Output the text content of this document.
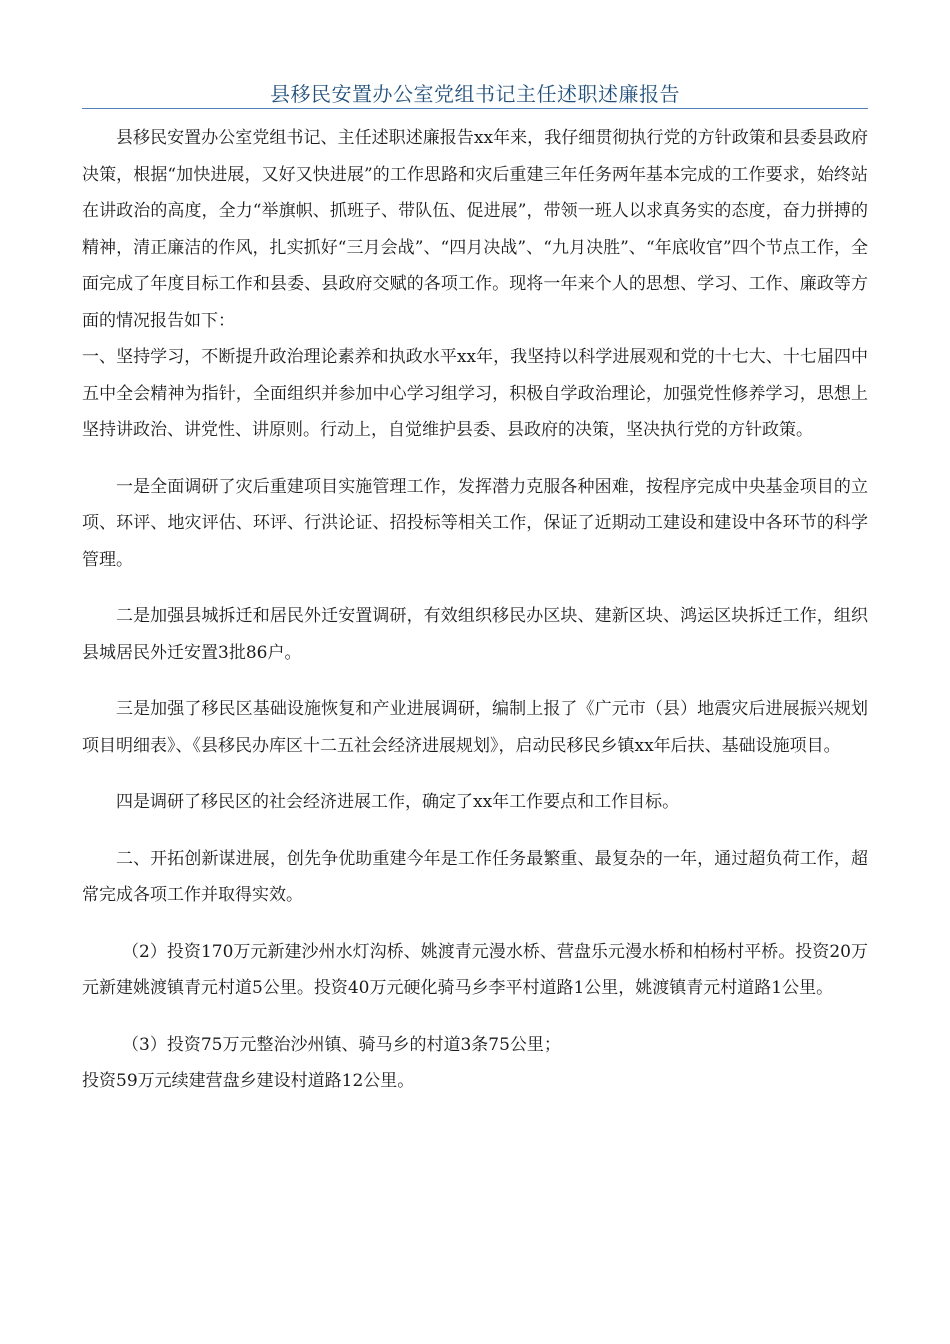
县移民安置办公室党组书记主任述职述廉报告

县移民安置办公室党组书记、主任述职述廉报告xx年来，我仔细贯彻执行党的方针政策和县委县政府决策，根据“加快进展，又好又快进展”的工作思路和灾后重建三年任务两年基本完成的工作要求，始终站在讲政治的高度，全力“举旗帜、抓班子、带队伍、促进展”，带领一班人以求真务实的态度，奋力拼搏的精神，清正廉洁的作风，扎实抓好“三月会战”、“四月决战”、“九月决胜”、“年底收官”四个节点工作，全面完成了年度目标工作和县委、县政府交赋的各项工作。现将一年来个人的思想、学习、工作、廉政等方面的情况报告如下：

一、坚持学习，不断提升政治理论素养和执政水平xx年，我坚持以科学进展观和党的十七大、十七届四中五中全会精神为指针，全面组织并参加中心学习组学习，积极自学政治理论，加强党性修养学习，思想上坚持讲政治、讲党性、讲原则。行动上，自觉维护县委、县政府的决策，坚决执行党的方针政策。

一是全面调研了灾后重建项目实施管理工作，发挥潜力克服各种困难，按程序完成中央基金项目的立项、环评、地灾评估、环评、行洪论证、招投标等相关工作，保证了近期动工建设和建设中各环节的科学管理。

二是加强县城拆迁和居民外迁安置调研，有效组织移民办区块、建新区块、鸿运区块拆迁工作，组织县城居民外迁安置3批86户。

三是加强了移民区基础设施恢复和产业进展调研，编制上报了《广元市（县）地震灾后进展振兴规划项目明细表》、《县移民办库区十二五社会经济进展规划》，启动民移民乡镇xx年后扶、基础设施项目。

四是调研了移民区的社会经济进展工作，确定了xx年工作要点和工作目标。

二、开拓创新谋进展，创先争优助重建今年是工作任务最繁重、最复杂的一年，通过超负荷工作，超常完成各项工作并取得实效。

（2）投资170万元新建沙州水灯沟桥、姚渡青元漫水桥、营盘乐元漫水桥和柏杨村平桥。投资20万元新建姚渡镇青元村道5公里。投资40万元硬化骑马乡李平村道路1公里，姚渡镇青元村道路1公里。

（3）投资75万元整治沙州镇、骑马乡的村道3条75公里；

投资59万元续建营盘乡建设村道路12公里。
